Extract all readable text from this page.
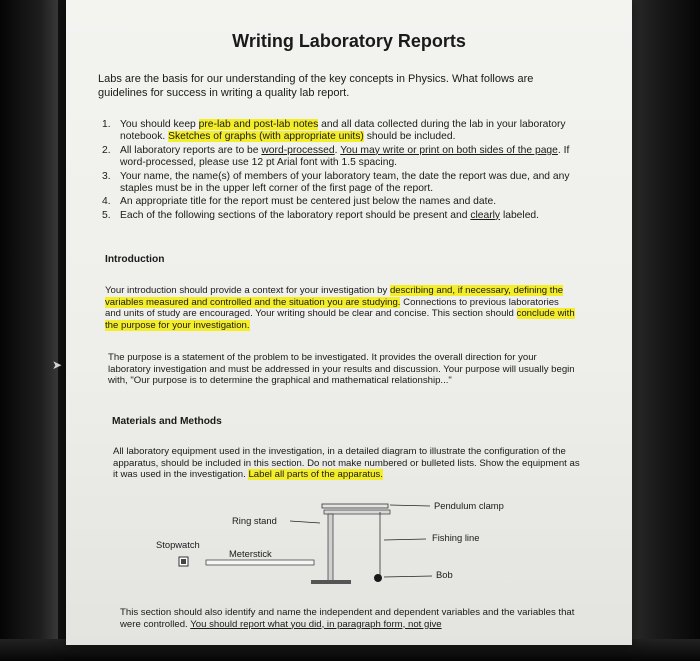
➤
Writing Laboratory Reports
Labs are the basis for our understanding of the key concepts in Physics. What follows are guidelines for success in writing a quality lab report.
1. You should keep pre-lab and post-lab notes and all data collected during the lab in your laboratory notebook. Sketches of graphs (with appropriate units) should be included.
2. All laboratory reports are to be word-processed. You may write or print on both sides of the page. If word-processed, please use 12 pt Arial font with 1.5 spacing.
3. Your name, the name(s) of members of your laboratory team, the date the report was due, and any staples must be in the upper left corner of the first page of the report.
4. An appropriate title for the report must be centered just below the names and date.
5. Each of the following sections of the laboratory report should be present and clearly labeled.
Introduction
Your introduction should provide a context for your investigation by describing and, if necessary, defining the variables measured and controlled and the situation you are studying. Connections to previous laboratories and units of study are encouraged. Your writing should be clear and concise. This section should conclude with the purpose for your investigation.
The purpose is a statement of the problem to be investigated. It provides the overall direction for your laboratory investigation and must be addressed in your results and discussion. Your purpose will usually begin with, "Our purpose is to determine the graphical and mathematical relationship..."
Materials and Methods
All laboratory equipment used in the investigation, in a detailed diagram to illustrate the configuration of the apparatus, should be included in this section. Do not make numbered or bulleted lists. Show the equipment as it was used in the investigation. Label all parts of the apparatus.
Pendulum clamp
Ring stand
Fishing line
Stopwatch
Meterstick
Bob
This section should also identify and name the independent and dependent variables and the variables that were controlled. You should report what you did, in paragraph form, not give
